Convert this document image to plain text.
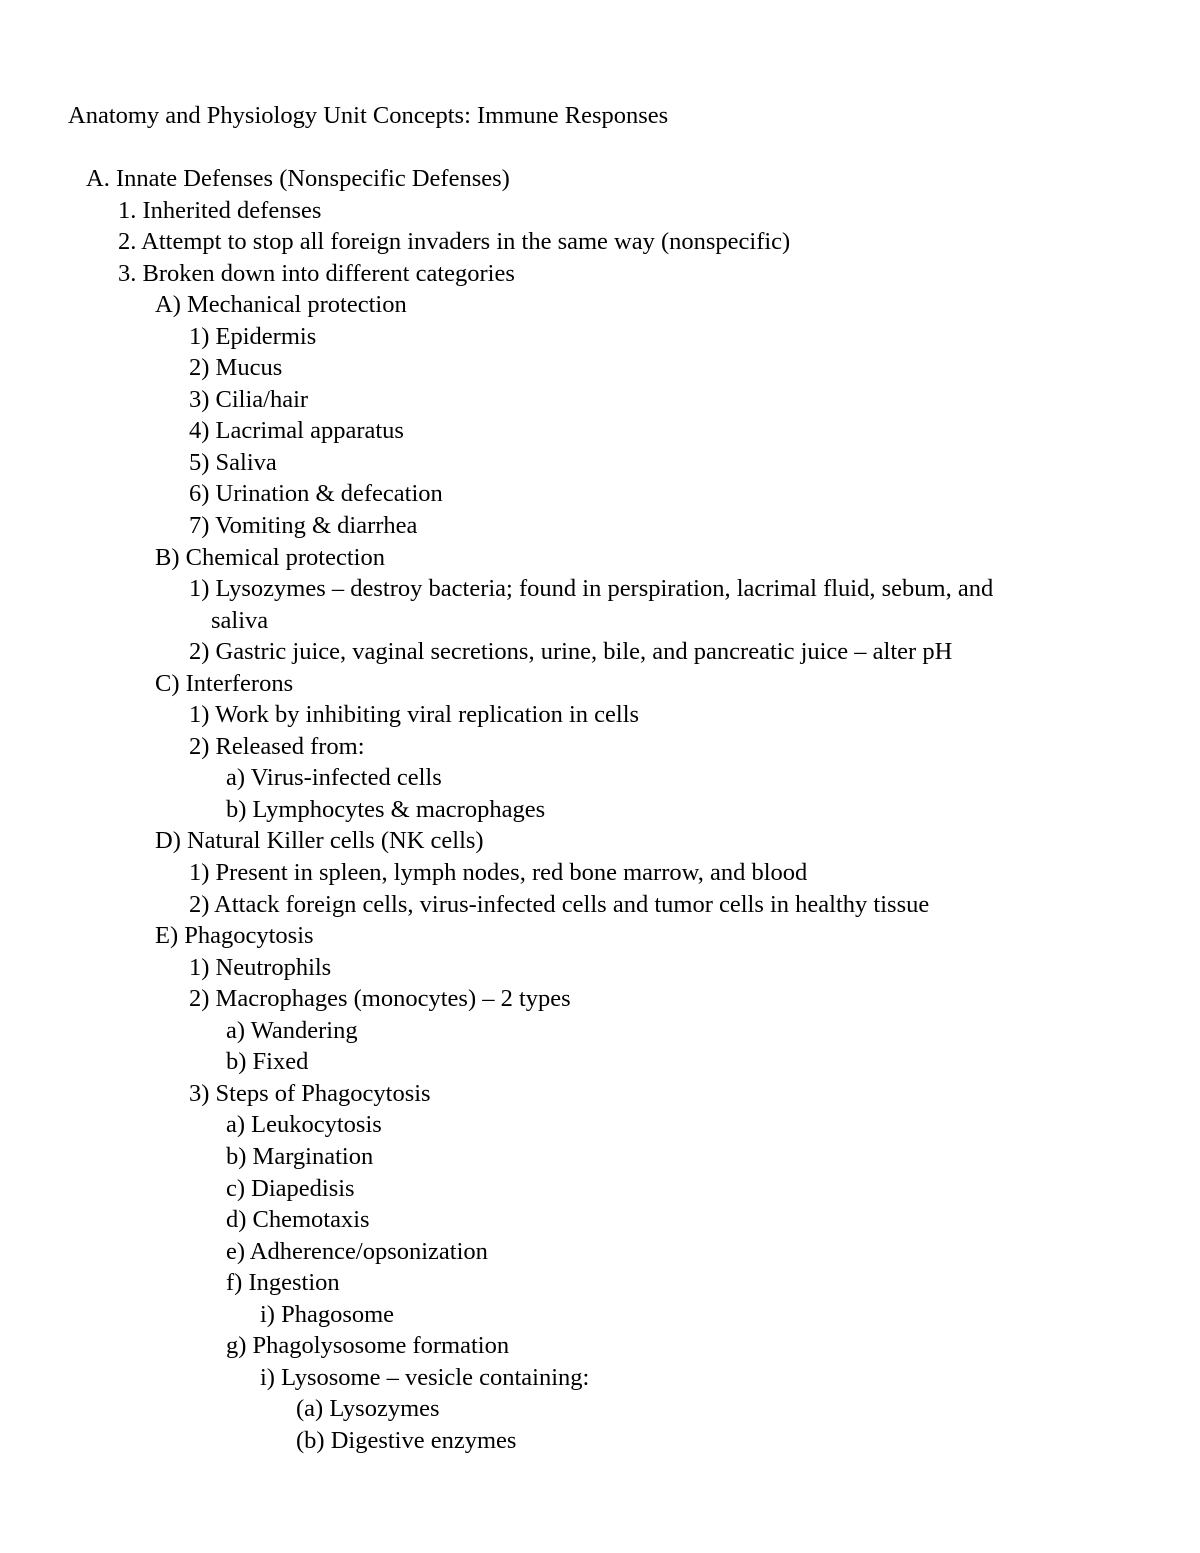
Anatomy and Physiology Unit Concepts: Immune Responses
A. Innate Defenses (Nonspecific Defenses)
1. Inherited defenses
2. Attempt to stop all foreign invaders in the same way (nonspecific)
3. Broken down into different categories
A) Mechanical protection
1) Epidermis
2) Mucus
3) Cilia/hair
4) Lacrimal apparatus
5) Saliva
6) Urination & defecation
7) Vomiting & diarrhea
B) Chemical protection
1) Lysozymes – destroy bacteria; found in perspiration, lacrimal fluid, sebum, and
saliva
2) Gastric juice, vaginal secretions, urine, bile, and pancreatic juice – alter pH
C) Interferons
1) Work by inhibiting viral replication in cells
2) Released from:
a) Virus-infected cells
b) Lymphocytes & macrophages
D) Natural Killer cells (NK cells)
1) Present in spleen, lymph nodes, red bone marrow, and blood
2) Attack foreign cells, virus-infected cells and tumor cells in healthy tissue
E) Phagocytosis
1) Neutrophils
2) Macrophages (monocytes) – 2 types
a) Wandering
b) Fixed
3) Steps of Phagocytosis
a) Leukocytosis
b) Margination
c) Diapedisis
d) Chemotaxis
e) Adherence/opsonization
f) Ingestion
i) Phagosome
g) Phagolysosome formation
i) Lysosome – vesicle containing:
(a) Lysozymes
(b) Digestive enzymes
